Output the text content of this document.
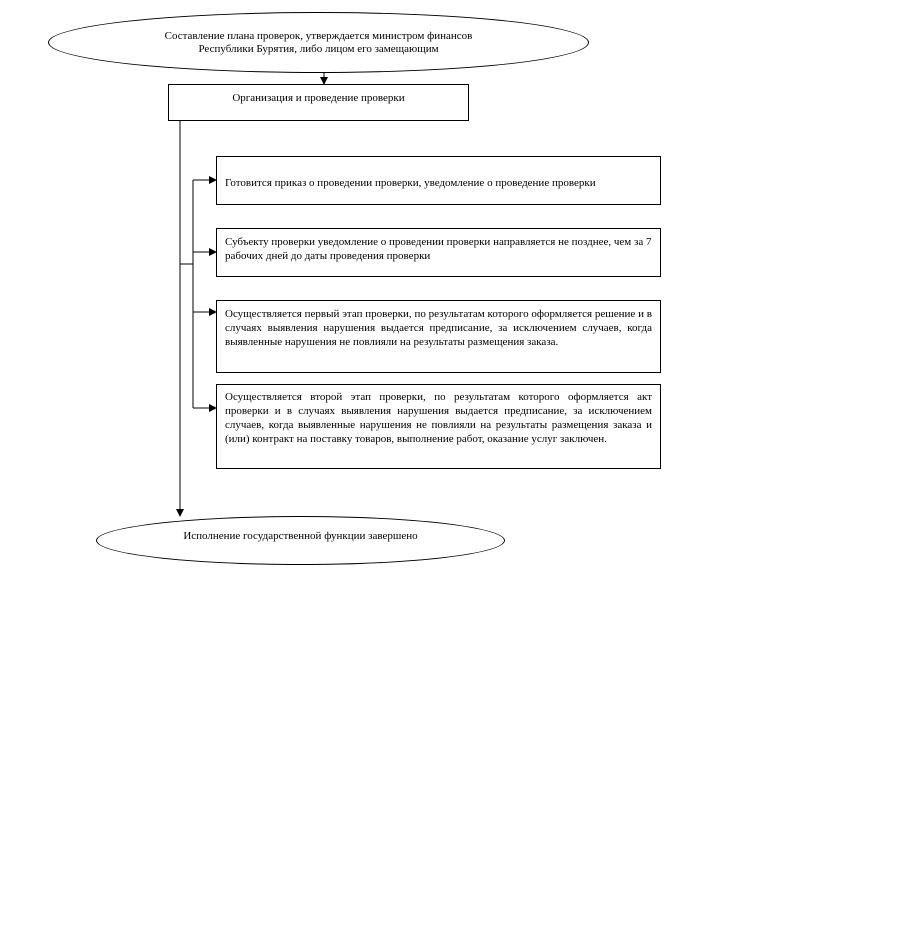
Составление плана проверок, утверждается министром финансов
Республики Бурятия, либо лицом его замещающим
Организация и проведение проверки
Готовится приказ о проведении проверки, уведомление о проведение проверки
Субъекту проверки уведомление о проведении проверки направляется не позднее, чем за 7 рабочих дней до даты проведения проверки
Осуществляется первый этап проверки, по результатам которого оформляется решение и в случаях выявления нарушения выдается предписание, за исключением случаев, когда выявленные нарушения не повлияли на результаты размещения заказа.
Осуществляется второй этап проверки, по результатам которого оформляется акт проверки и в случаях выявления нарушения выдается предписание, за исключением случаев, когда выявленные нарушения не повлияли на результаты размещения заказа и (или) контракт на поставку товаров, выполнение работ, оказание услуг заключен.
Исполнение государственной функции завершено
